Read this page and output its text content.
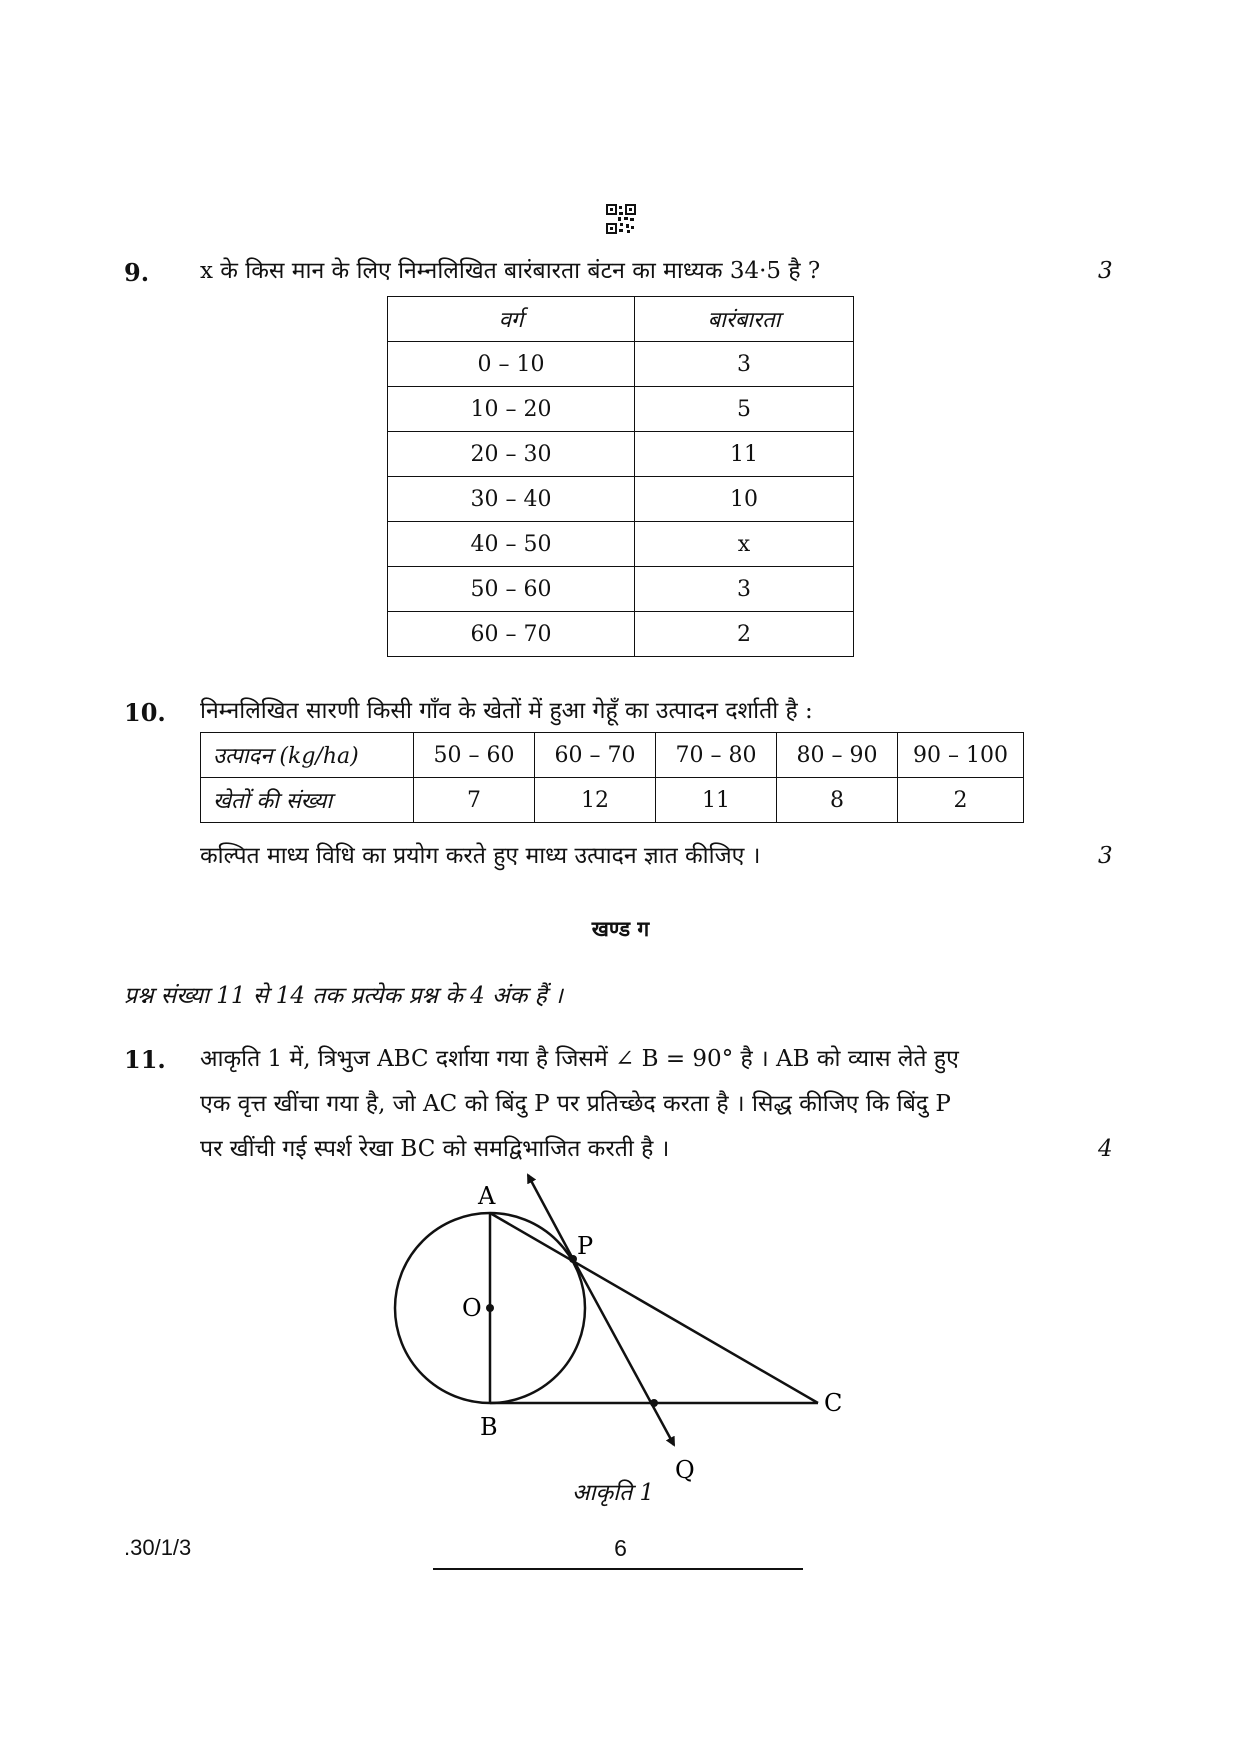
9. x के किस मान के लिए निम्नलिखित बारंबारता बंटन का माध्यक 34·5 है ?	3
वर्ग	बारंबारता
0 – 10	3
10 – 20	5
20 – 30	11
30 – 40	10
40 – 50	x
50 – 60	3
60 – 70	2
10. निम्नलिखित सारणी किसी गाँव के खेतों में हुआ गेहूँ का उत्पादन दर्शाती है :
उत्पादन (kg/ha)	50 – 60	60 – 70	70 – 80	80 – 90	90 – 100
खेतों की संख्या	7	12	11	8	2
कल्पित माध्य विधि का प्रयोग करते हुए माध्य उत्पादन ज्ञात कीजिए ।	3
खण्ड ग
प्रश्न संख्या 11 से 14 तक प्रत्येक प्रश्न के 4 अंक हैं ।
11. आकृति 1 में, त्रिभुज ABC दर्शाया गया है जिसमें ∠ B = 90° है । AB को व्यास लेते हुए
एक वृत्त खींचा गया है, जो AC को बिंदु P पर प्रतिच्छेद करता है । सिद्ध कीजिए कि बिंदु P
पर खींची गई स्पर्श रेखा BC को समद्विभाजित करती है ।	4
A
P
O
B
C
Q
आकृति 1
.30/1/3	6
